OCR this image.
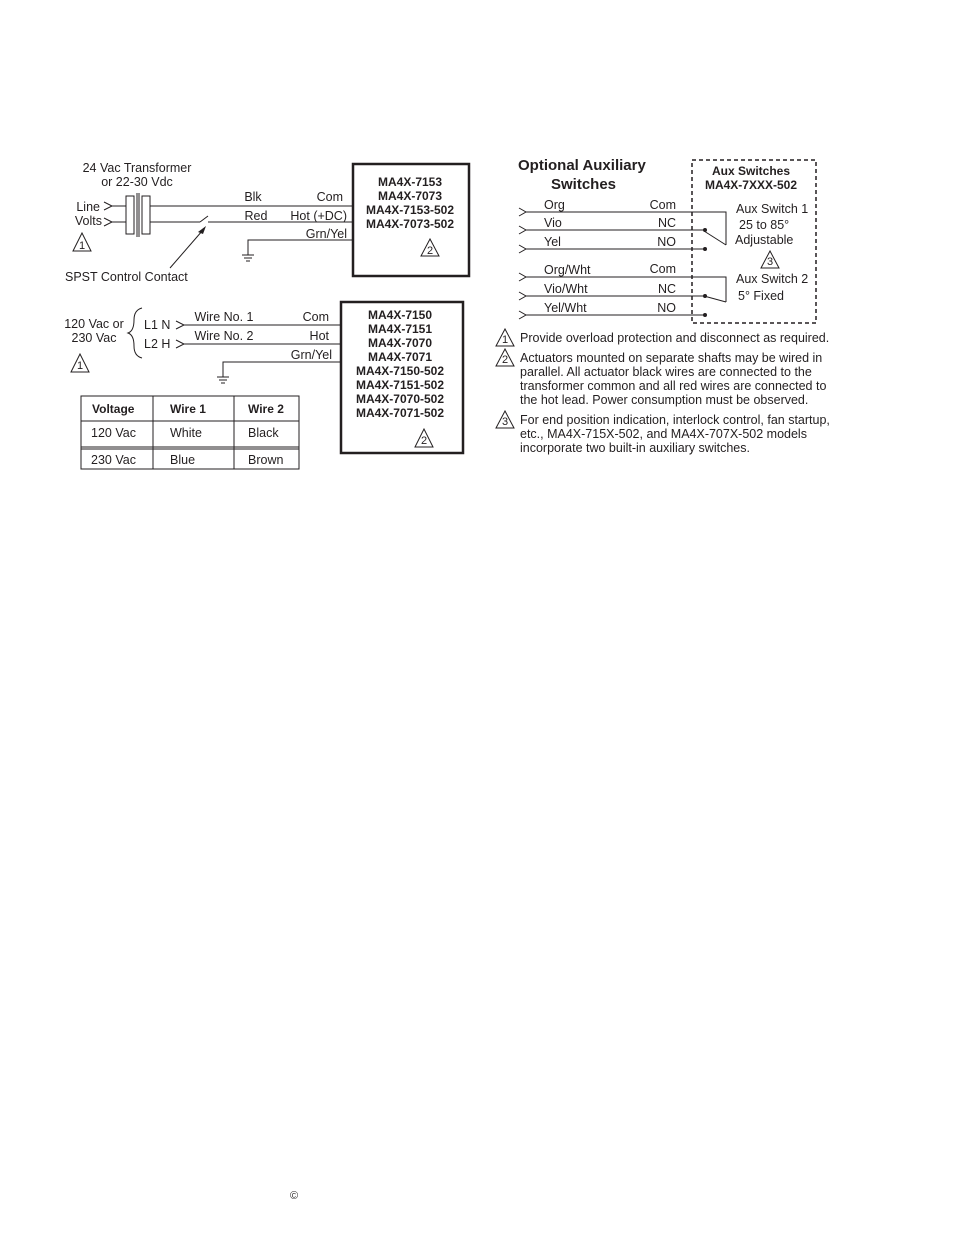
24 Vac Transformer
or 22-30 Vdc
Line
Volts
Blk
Red
Com
Hot (+DC)
Grn/Yel
SPST Control Contact
1
MA4X-7153
MA4X-7073
MA4X-7153-502
MA4X-7073-502
2
120 Vac or
230 Vac
L1 N
L2 H
Wire No. 1
Wire No. 2
Com
Hot
Grn/Yel
1
MA4X-7150
MA4X-7151
MA4X-7070
MA4X-7071
MA4X-7150-502
MA4X-7151-502
MA4X-7070-502
MA4X-7071-502
2
Voltage	Wire 1	Wire 2
120 Vac	White	Black
230 Vac	Blue	Brown
Optional Auxiliary
Switches
Aux Switches
MA4X-7XXX-502
Org
Vio
Yel
Com
NC
NO
Aux Switch 1
25 to 85°
Adjustable
3
Org/Wht
Vio/Wht
Yel/Wht
Com
NC
NO
Aux Switch 2
5° Fixed
1
2
3
Provide overload protection and disconnect as required.
Actuators mounted on separate shafts may be wired in parallel. All actuator black wires are connected to the transformer common and all red wires are connected to the hot lead. Power consumption must be observed.
For end position indication, interlock control, fan startup, etc., MA4X-715X-502, and MA4X-707X-502 models incorporate two built-in auxiliary switches.
©
